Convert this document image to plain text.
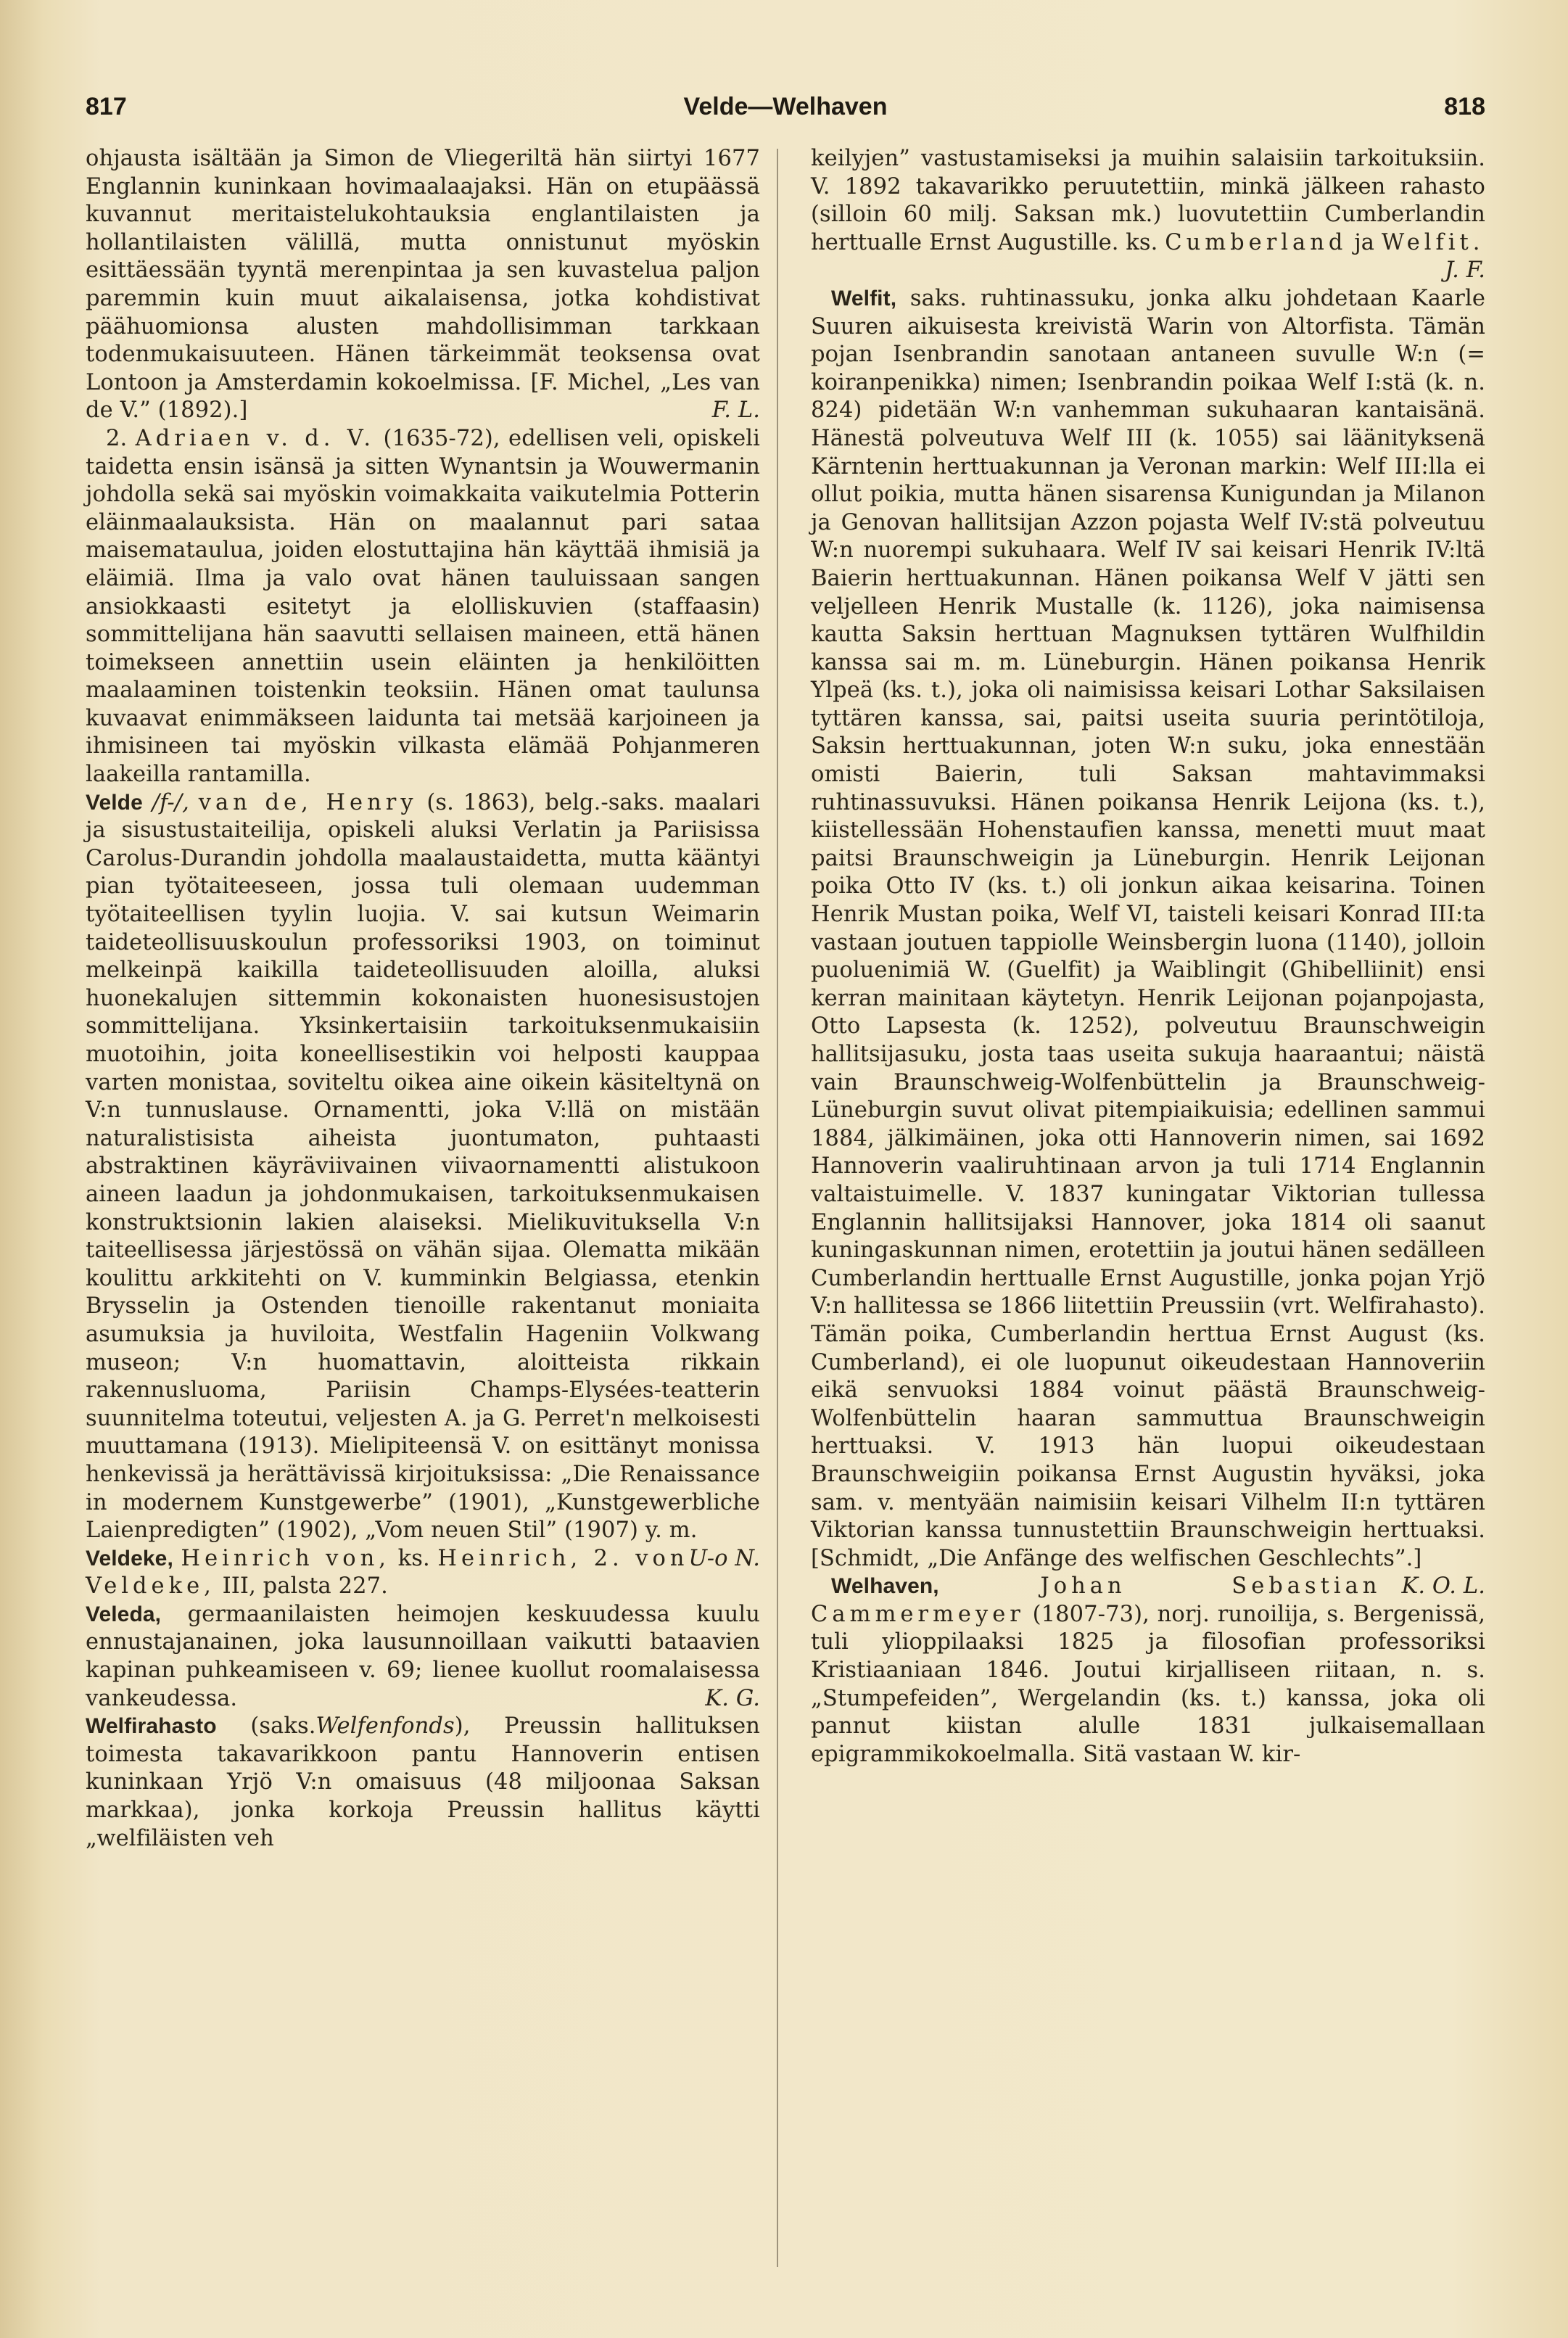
817	Velde—Welhaven	818

ohjausta isältään ja Simon de Vliegeriltä hän siirtyi 1677 Englannin kuninkaan hovimaalaajaksi. Hän on etupäässä kuvannut meritaistelukohtauksia englantilaisten ja hollantilaisten välillä, mutta onnistunut myöskin esittäessään tyyntä merenpintaa ja sen kuvastelua paljon paremmin kuin muut aikalaisensa, jotka kohdistivat päähuomionsa alusten mahdollisimman tarkkaan todenmukaisuuteen. Hänen tärkeimmät teoksensa ovat Lontoon ja Amsterdamin kokoelmissa. [F. Michel, „Les van de V.” (1892).]	F. L.

2. Adriaen v. d. V. (1635-72), edellisen veli, opiskeli taidetta ensin isänsä ja sitten Wynantsin ja Wouwermanin johdolla sekä sai myöskin voimakkaita vaikutelmia Potterin eläinmaalauksista. Hän on maalannut pari sataa maisemataulua, joiden elostuttajina hän käyttää ihmisiä ja eläimiä. Ilma ja valo ovat hänen tauluissaan sangen ansiokkaasti esitetyt ja elolliskuvien (staffaasin) sommittelijana hän saavutti sellaisen maineen, että hänen toimekseen annettiin usein eläinten ja henkilöitten maalaaminen toistenkin teoksiin. Hänen omat taulunsa kuvaavat enimmäkseen laidunta tai metsää karjoineen ja ihmisineen tai myöskin vilkasta elämää Pohjanmeren laakeilla rantamilla.

Velde /f-/, van de, Henry (s. 1863), belg.-saks. maalari ja sisustustaiteilija, opiskeli aluksi Verlatin ja Pariisissa Carolus-Durandin johdolla maalaustaidetta, mutta kääntyi pian työtaiteeseen, jossa tuli olemaan uudemman työtaiteellisen tyylin luojia. V. sai kutsun Weimarin taideteollisuuskoulun professoriksi 1903, on toiminut melkeinpä kaikilla taideteollisuuden aloilla, aluksi huonekalujen sittemmin kokonaisten huonesisustojen sommittelijana. Yksinkertaisiin tarkoituksenmukaisiin muotoihin, joita koneellisestikin voi helposti kauppaa varten monistaa, soviteltu oikea aine oikein käsiteltynä on V:n tunnuslause. Ornamentti, joka V:llä on mistään naturalistisista aiheista juontumaton, puhtaasti abstraktinen käyräviivainen viivaornamentti alistukoon aineen laadun ja johdonmukaisen, tarkoituksenmukaisen konstruktsionin lakien alaiseksi. Mielikuvituksella V:n taiteellisessa järjestössä on vähän sijaa. Olematta mikään koulittu arkkitehti on V. kumminkin Belgiassa, etenkin Brysselin ja Ostenden tienoille rakentanut moniaita asumuksia ja huviloita, Westfalin Hageniin Volkwang museon; V:n huomattavin, aloitteista rikkain rakennusluoma, Pariisin Champs-Elysées-teatterin suunnitelma toteutui, veljesten A. ja G. Perret'n melkoisesti muuttamana (1913). Mielipiteensä V. on esittänyt monissa henkevissä ja herättävissä kirjoituksissa: „Die Renaissance in modernem Kunstgewerbe” (1901), „Kunstgewerbliche Laienpredigten” (1902), „Vom neuen Stil” (1907) y. m.
U-o N.

Veldeke, Heinrich von, ks. Heinrich, 2. von Veldeke, III, palsta 227.

Veleda, germaanilaisten heimojen keskuudessa kuulu ennustajanainen, joka lausunnoillaan vaikutti bataavien kapinan puhkeamiseen v. 69; lienee kuollut roomalaisessa vankeudessa.	K. G.

Welfirahasto (saks.Welfenfonds), Preussin hallituksen toimesta takavarikkoon pantu Hannoverin entisen kuninkaan Yrjö V:n omaisuus (48 miljoonaa Saksan markkaa), jonka korkoja Preussin hallitus käytti „welfiläisten veh

keilyjen” vastustamiseksi ja muihin salaisiin tarkoituksiin. V. 1892 takavarikko peruutettiin, minkä jälkeen rahasto (silloin 60 milj. Saksan mk.) luovutettiin Cumberlandin herttualle Ernst Augustille. ks. Cumberland ja Welfit.
J. F.

Welfit, saks. ruhtinassuku, jonka alku johdetaan Kaarle Suuren aikuisesta kreivistä Warin von Altorfista. Tämän pojan Isenbrandin sanotaan antaneen suvulle W:n (= koiranpenikka) nimen; Isenbrandin poikaa Welf I:stä (k. n. 824) pidetään W:n vanhemman sukuhaaran kantaisänä. Hänestä polveutuva Welf III (k. 1055) sai läänityksenä Kärntenin herttuakunnan ja Veronan markin: Welf III:lla ei ollut poikia, mutta hänen sisarensa Kunigundan ja Milanon ja Genovan hallitsijan Azzon pojasta Welf IV:stä polveutuu W:n nuorempi sukuhaara. Welf IV sai keisari Henrik IV:ltä Baierin herttuakunnan. Hänen poikansa Welf V jätti sen veljelleen Henrik Mustalle (k. 1126), joka naimisensa kautta Saksin herttuan Magnuksen tyttären Wulfhildin kanssa sai m. m. Lüneburgin. Hänen poikansa Henrik Ylpeä (ks. t.), joka oli naimisissa keisari Lothar Saksilaisen tyttären kanssa, sai, paitsi useita suuria perintötiloja, Saksin herttuakunnan, joten W:n suku, joka ennestään omisti Baierin, tuli Saksan mahtavimmaksi ruhtinassuvuksi. Hänen poikansa Henrik Leijona (ks. t.), kiistellessään Hohenstaufien kanssa, menetti muut maat paitsi Braunschweigin ja Lüneburgin. Henrik Leijonan poika Otto IV (ks. t.) oli jonkun aikaa keisarina. Toinen Henrik Mustan poika, Welf VI, taisteli keisari Konrad III:ta vastaan joutuen tappiolle Weinsbergin luona (1140), jolloin puoluenimiä W. (Guelfit) ja Waiblingit (Ghibelliinit) ensi kerran mainitaan käytetyn. Henrik Leijonan pojanpojasta, Otto Lapsesta (k. 1252), polveutuu Braunschweigin hallitsijasuku, josta taas useita sukuja haaraantui; näistä vain Braunschweig-Wolfenbüttelin ja Braunschweig-Lüneburgin suvut olivat pitempiaikuisia; edellinen sammui 1884, jälkimäinen, joka otti Hannoverin nimen, sai 1692 Hannoverin vaaliruhtinaan arvon ja tuli 1714 Englannin valtaistuimelle. V. 1837 kuningatar Viktorian tullessa Englannin hallitsijaksi Hannover, joka 1814 oli saanut kuningaskunnan nimen, erotettiin ja joutui hänen sedälleen Cumberlandin herttualle Ernst Augustille, jonka pojan Yrjö V:n hallitessa se 1866 liitettiin Preussiin (vrt. Welfirahasto). Tämän poika, Cumberlandin herttua Ernst August (ks. Cumberland), ei ole luopunut oikeudestaan Hannoveriin eikä senvuoksi 1884 voinut päästä Braunschweig-Wolfenbüttelin haaran sammuttua Braunschweigin herttuaksi. V. 1913 hän luopui oikeudestaan Braunschweigiin poikansa Ernst Augustin hyväksi, joka sam. v. mentyään naimisiin keisari Vilhelm II:n tyttären Viktorian kanssa tunnustettiin Braunschweigin herttuaksi. [Schmidt, „Die Anfänge des welfischen Geschlechts”.]
K. O. L.

Welhaven,	Johan Sebastian Cammermeyer (1807-73), norj. runoilija, s. Bergenissä, tuli ylioppilaaksi 1825 ja filosofian professoriksi Kristiaaniaan 1846. Joutui kirjalliseen riitaan, n. s. „Stumpefeiden”, Wergelandin (ks. t.) kanssa, joka oli pannut kiistan alulle 1831 julkaisemallaan epigrammikokoelmalla. Sitä vastaan W. kir-
